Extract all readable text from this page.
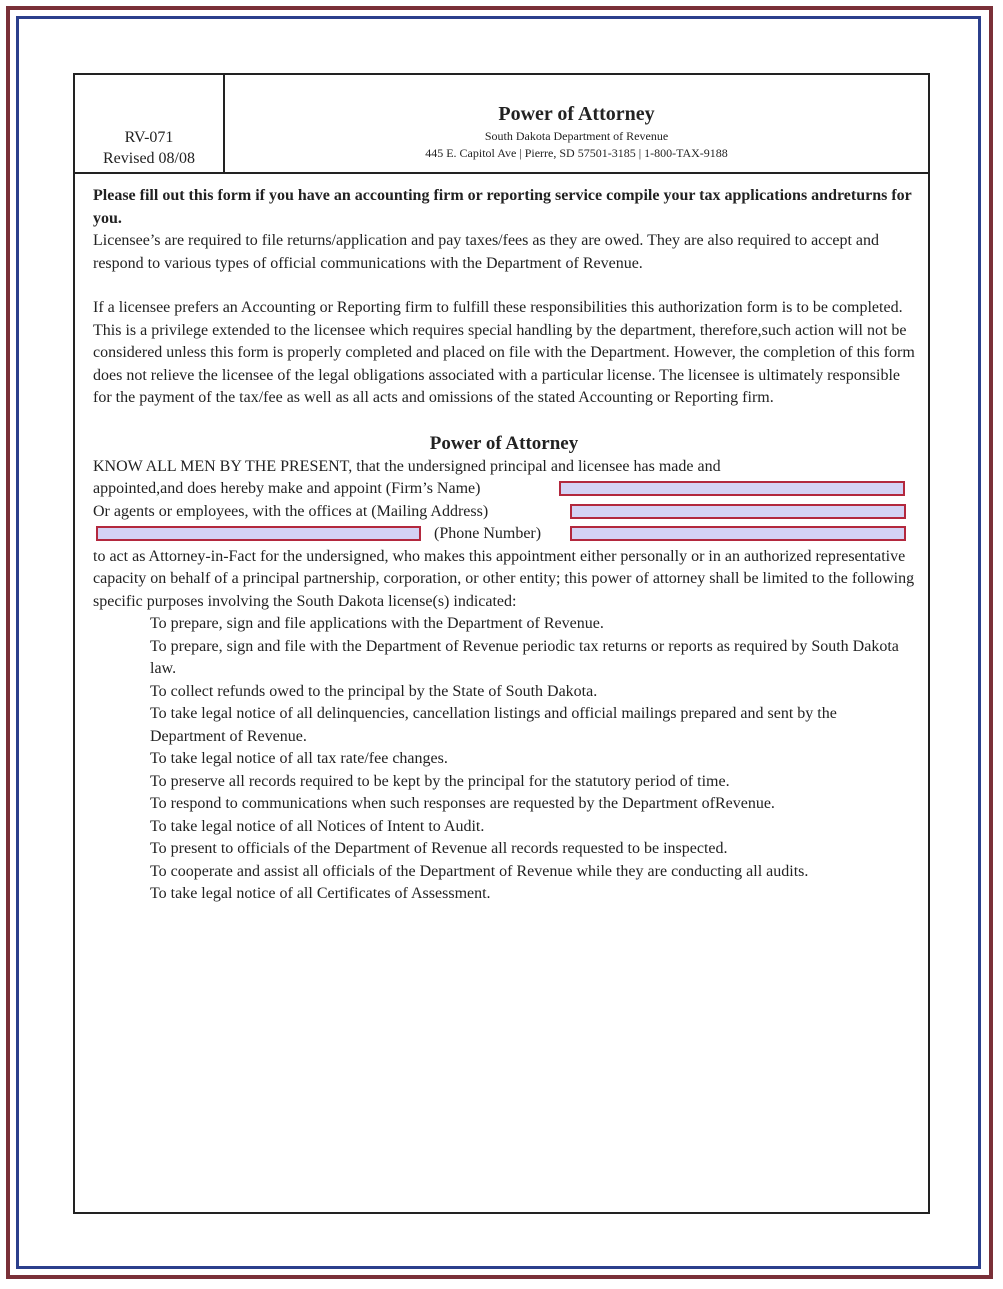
RV-071
Revised 08/08
Power of Attorney
South Dakota Department of Revenue
445 E. Capitol Ave | Pierre, SD 57501-3185 | 1-800-TAX-9188

Please fill out this form if you have an accounting firm or reporting service compile your tax applications andreturns for you.

Licensee’s are required to file returns/application and pay taxes/fees as they are owed. They are also required to accept and respond to various types of official communications with the Department of Revenue.

If a licensee prefers an Accounting or Reporting firm to fulfill these responsibilities this authorization form is to be completed. This is a privilege extended to the licensee which requires special handling by the department, therefore,such action will not be considered unless this form is properly completed and placed on file with the Department. However, the completion of this form does not relieve the licensee of the legal obligations associated with a particular license. The licensee is ultimately responsible for the payment of the tax/fee as well as all acts and omissions of the stated Accounting or Reporting firm.

Power of Attorney
KNOW ALL MEN BY THE PRESENT, that the undersigned principal and licensee has made and
appointed,and does hereby make and appoint (Firm’s Name)
Or agents or employees, with the offices at (Mailing Address)
(Phone Number)

to act as Attorney-in-Fact for the undersigned, who makes this appointment either personally or in an authorized representative capacity on behalf of a principal partnership, corporation, or other entity; this power of attorney shall be limited to the following specific purposes involving the South Dakota license(s) indicated:

To prepare, sign and file applications with the Department of Revenue.

To prepare, sign and file with the Department of Revenue periodic tax returns or reports as required by South Dakota law.

To collect refunds owed to the principal by the State of South Dakota.

To take legal notice of all delinquencies, cancellation listings and official mailings prepared and sent by the Department of Revenue.

To take legal notice of all tax rate/fee changes.

To preserve all records required to be kept by the principal for the statutory period of time.

To respond to communications when such responses are requested by the Department ofRevenue.

To take legal notice of all Notices of Intent to Audit.

To present to officials of the Department of Revenue all records requested to be inspected.

To cooperate and assist all officials of the Department of Revenue while they are conducting all audits.

To take legal notice of all Certificates of Assessment.
